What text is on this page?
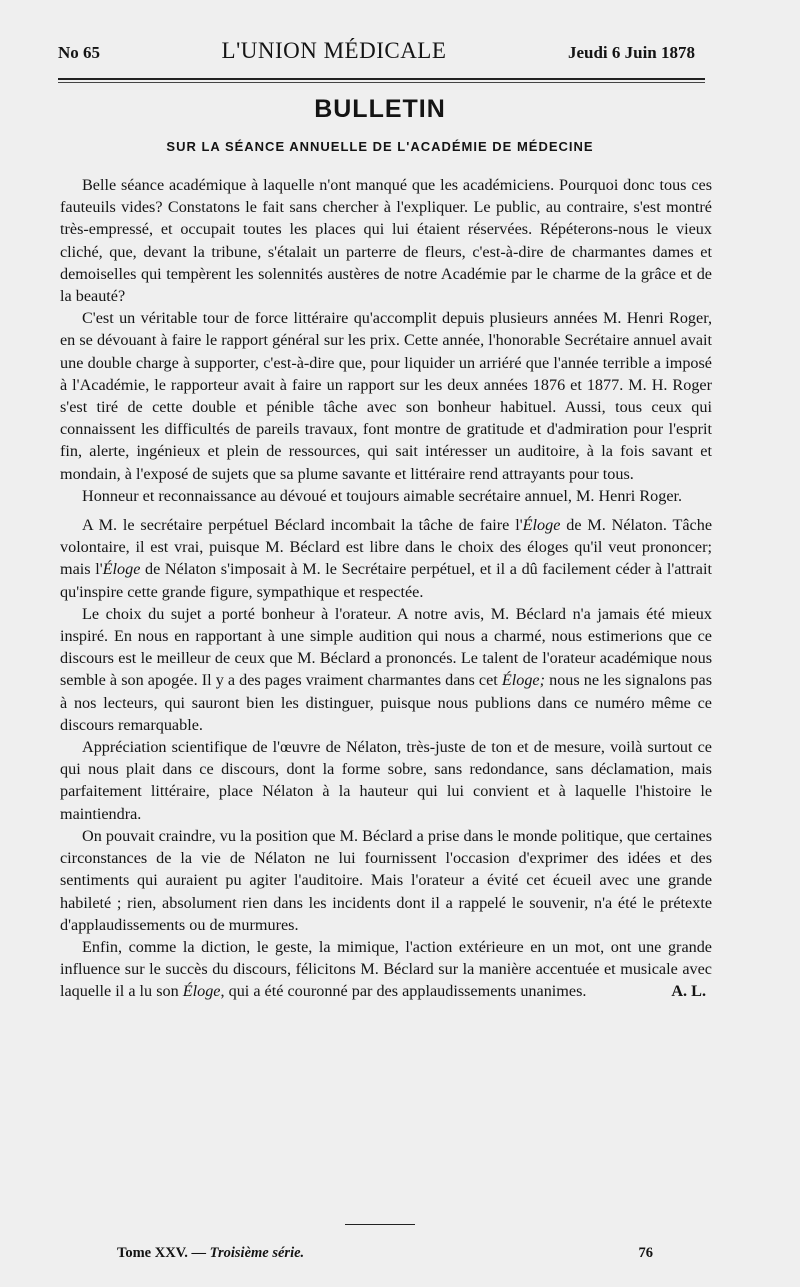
No 65	L'UNION MÉDICALE	Jeudi 6 Juin 1878
BULLETIN
SUR LA SÉANCE ANNUELLE DE L'ACADÉMIE DE MÉDECINE

Belle séance académique à laquelle n'ont manqué que les académiciens. Pourquoi donc tous ces fauteuils vides? Constatons le fait sans chercher à l'expliquer. Le public, au contraire, s'est montré très-empressé, et occupait toutes les places qui lui étaient réservées. Répéterons-nous le vieux cliché, que, devant la tribune, s'étalait un parterre de fleurs, c'est-à-dire de charmantes dames et demoiselles qui tempèrent les solennités austères de notre Académie par le charme de la grâce et de la beauté?

C'est un véritable tour de force littéraire qu'accomplit depuis plusieurs années M. Henri Roger, en se dévouant à faire le rapport général sur les prix. Cette année, l'honorable Secrétaire annuel avait une double charge à supporter, c'est-à-dire que, pour liquider un arriéré que l'année terrible a imposé à l'Académie, le rapporteur avait à faire un rapport sur les deux années 1876 et 1877. M. H. Roger s'est tiré de cette double et pénible tâche avec son bonheur habituel. Aussi, tous ceux qui connaissent les difficultés de pareils travaux, font montre de gratitude et d'admiration pour l'esprit fin, alerte, ingénieux et plein de ressources, qui sait intéresser un auditoire, à la fois savant et mondain, à l'exposé de sujets que sa plume savante et littéraire rend attrayants pour tous.

Honneur et reconnaissance au dévoué et toujours aimable secrétaire annuel, M. Henri Roger.

A M. le secrétaire perpétuel Béclard incombait la tâche de faire l'Éloge de M. Nélaton. Tâche volontaire, il est vrai, puisque M. Béclard est libre dans le choix des éloges qu'il veut prononcer; mais l'Éloge de Nélaton s'imposait à M. le Secrétaire perpétuel, et il a dû facilement céder à l'attrait qu'inspire cette grande figure, sympathique et respectée.

Le choix du sujet a porté bonheur à l'orateur. A notre avis, M. Béclard n'a jamais été mieux inspiré. En nous en rapportant à une simple audition qui nous a charmé, nous estimerions que ce discours est le meilleur de ceux que M. Béclard a prononcés. Le talent de l'orateur académique nous semble à son apogée. Il y a des pages vraiment charmantes dans cet Éloge; nous ne les signalons pas à nos lecteurs, qui sauront bien les distinguer, puisque nous publions dans ce numéro même ce discours remarquable.

Appréciation scientifique de l'œuvre de Nélaton, très-juste de ton et de mesure, voilà surtout ce qui nous plait dans ce discours, dont la forme sobre, sans redondance, sans déclamation, mais parfaitement littéraire, place Nélaton à la hauteur qui lui convient et à laquelle l'histoire le maintiendra.

On pouvait craindre, vu la position que M. Béclard a prise dans le monde politique, que certaines circonstances de la vie de Nélaton ne lui fournissent l'occasion d'exprimer des idées et des sentiments qui auraient pu agiter l'auditoire. Mais l'orateur a évité cet écueil avec une grande habileté ; rien, absolument rien dans les incidents dont il a rappelé le souvenir, n'a été le prétexte d'applaudissements ou de murmures.

Enfin, comme la diction, le geste, la mimique, l'action extérieure en un mot, ont une grande influence sur le succès du discours, félicitons M. Béclard sur la manière accentuée et musicale avec laquelle il a lu son Éloge, qui a été couronné par des applaudissements unanimes.	A. L.

Tome XXV. — Troisième série.	76
